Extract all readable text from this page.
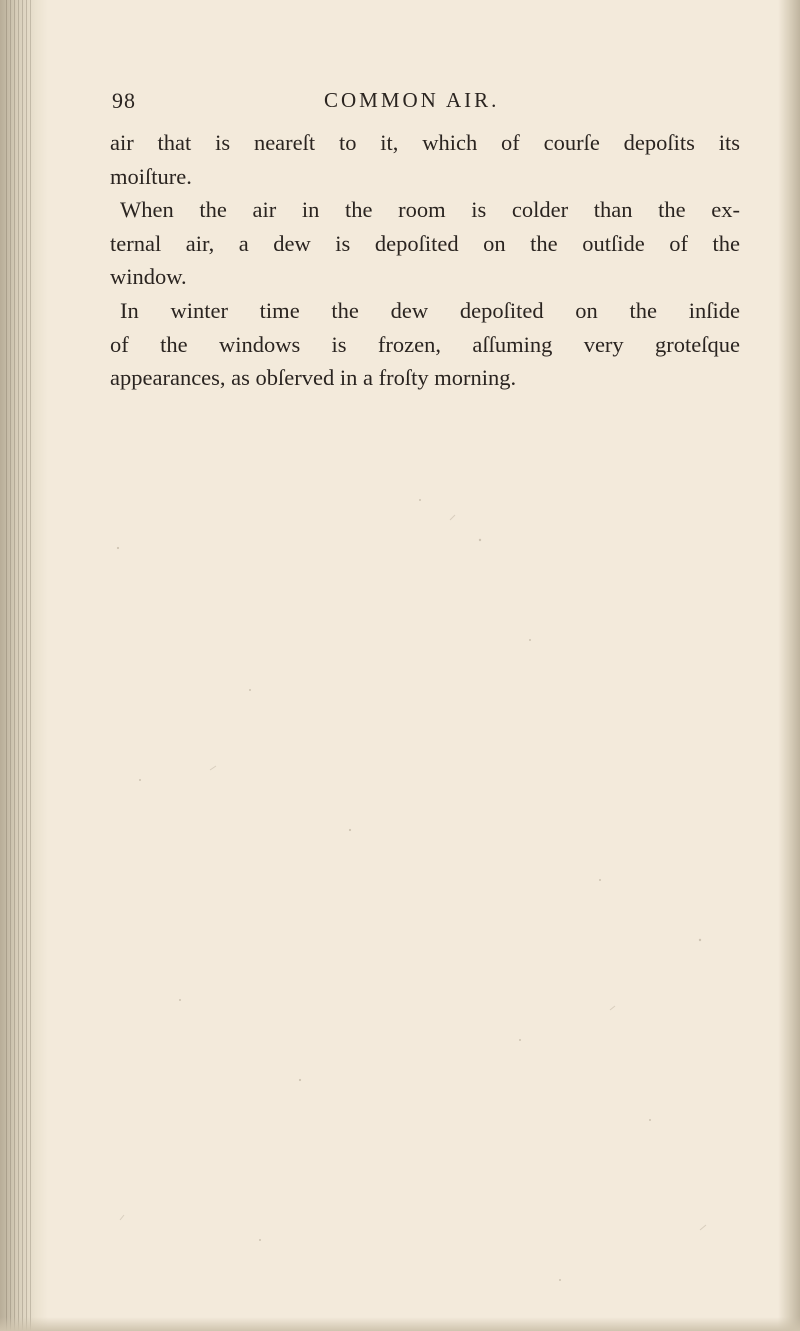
98	COMMON AIR.
air that is neareſt to it, which of courſe depoſits its
moiſture.
When the air in the room is colder than the ex-
ternal air, a dew is depoſited on the outſide of the
window.
In winter time the dew depoſited on the inſide
of the windows is frozen, aſſuming very groteſque
appearances, as obſerved in a froſty morning.
